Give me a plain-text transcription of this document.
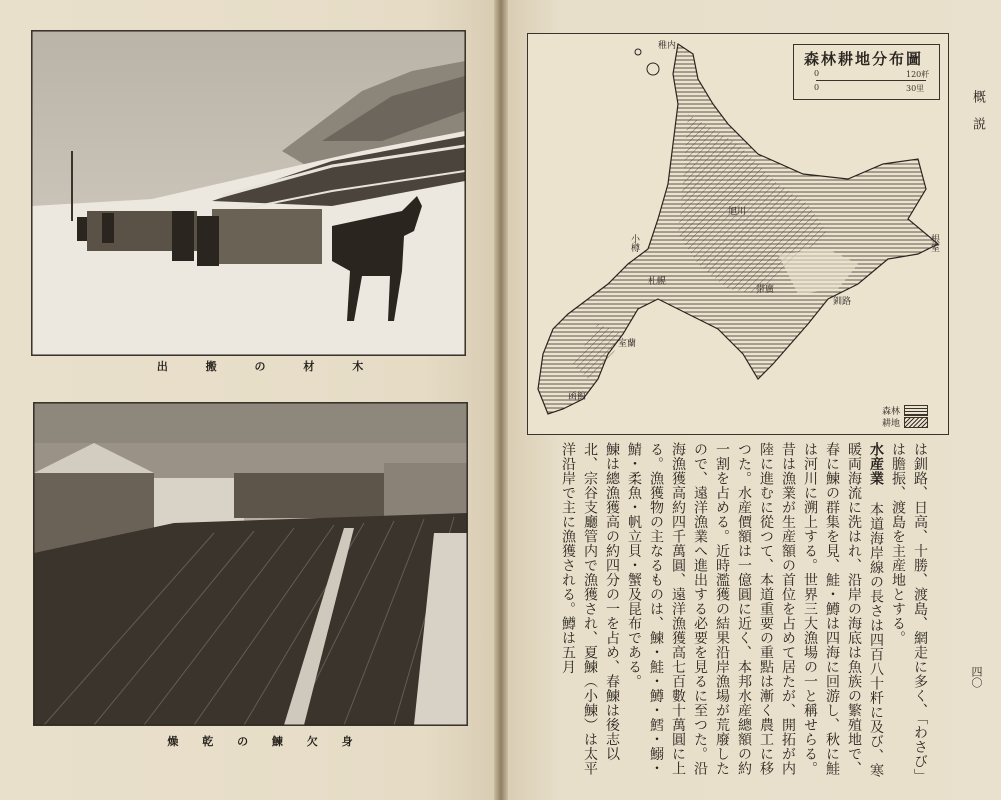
出	搬	の	材	木
燥 乾 の 鰊 欠 身
森林耕地分布圖
0	120粁
0	30里
稚内
旭川
小樽
札幌
帯廣
釧路
室蘭
函館
根室
森林
耕地
は釧路、日高、十勝、渡島、網走に多く、「わさび」は膽振、渡島を主産地とする。
水産業 本道海岸線の長さは四百八十粁に及び、寒暖両海流に洗はれ、沿岸の海底は魚族の繁殖地で、春に鰊の群集を見、鮭・鱒は四海に回游し、秋に鮭は河川に溯上する。世界三大漁場の一と稱せらる。昔は漁業が生産額の首位を占めて居たが、開拓が内陸に進むに從つて、本道重要の重點は漸く農工に移つた。水産價額は一億圓に近く、本邦水産總額の約一割を占める。近時濫獲の結果沿岸漁場が荒廢したので、遠洋漁業へ進出する必要を見るに至つた。沿海漁獲高約四千萬圓、遠洋漁獲高七百數十萬圓に上る。漁獲物の主なるものは、鰊・鮭・鱒・鱈・鰯・鯖・柔魚・帆立貝・蟹及昆布である。
鰊は總漁獲高の約四分の一を占め、春鰊は後志以北、宗谷支廳管内で漁獲され、夏鰊（小鰊）は太平洋沿岸で主に漁獲される。鱒は五月
概説
四〇
